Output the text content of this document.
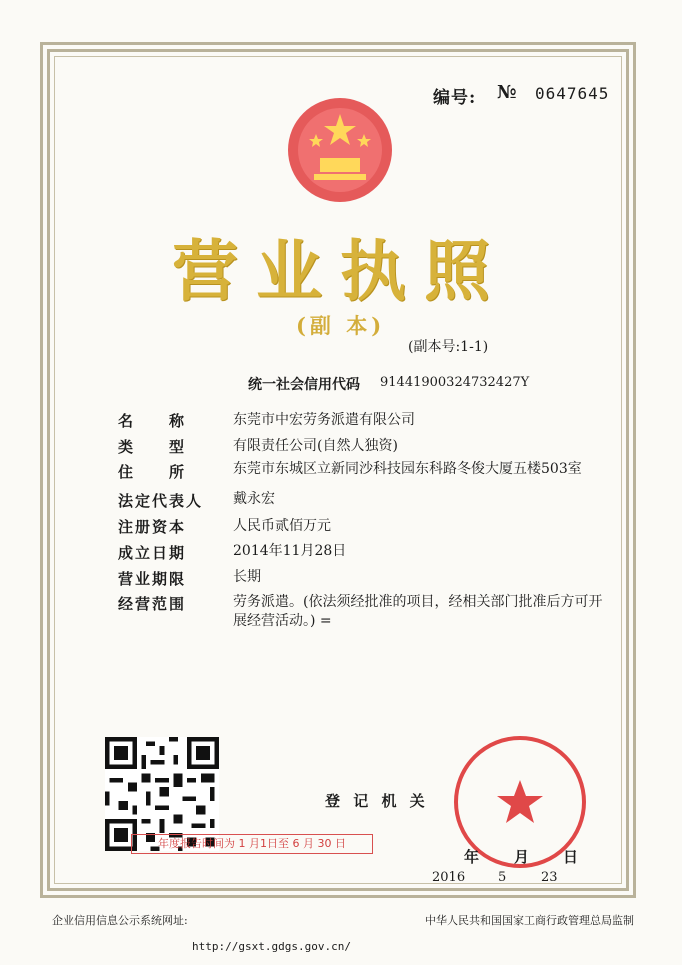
编号: № 0647645
营业执照
(副 本)
(副本号:1-1)
统一社会信用代码 91441900324732427Y
名　　称	东莞市中宏劳务派遣有限公司
类　　型	有限责任公司(自然人独资)
住　　所	东莞市东城区立新同沙科技园东科路冬俊大厦五楼503室
法定代表人	戴永宏
注册资本	人民币贰佰万元
成立日期	2014年11月28日
营业期限	长期
经营范围	劳务派遣。(依法须经批准的项目，经相关部门批准后方可开展经营活动。) =
年度报告时间为 1 月1日至 6 月 30 日
登 记 机 关
年 月 日
2016	5	23
企业信用信息公示系统网址:	中华人民共和国国家工商行政管理总局监制
http://gsxt.gdgs.gov.cn/
